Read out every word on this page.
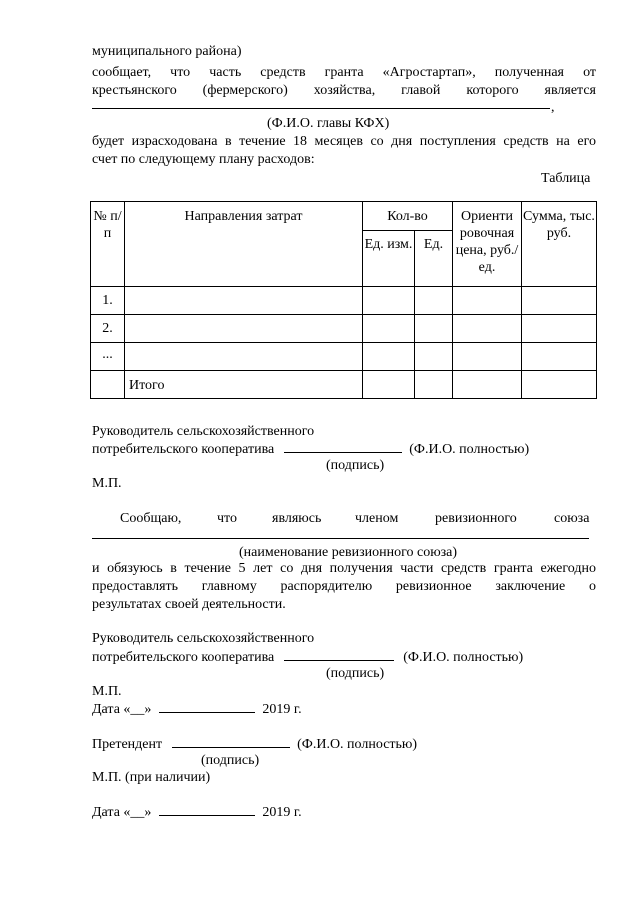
муниципального района)
сообщает, что часть средств гранта «Агростартап», полученная от
крестьянского (фермерского) хозяйства, главой которого является
,
(Ф.И.О. главы КФХ)
будет израсходована в течение 18 месяцев со дня поступления средств на его
счет по следующему плану расходов:
Таблица
№ п/п	Направления затрат	Кол-во		Ориенти ровочная цена, руб./ед.	Сумма, тыс. руб.
		Ед. изм.	Ед.		
1.					
2.					
...					
	Итого				
Руководитель сельскохозяйственного
потребительского кооператива	(Ф.И.О. полностью)
(подпись)
М.П.
Сообщаю,	что	являюсь членом	ревизионного	союза
(наименование ревизионного союза)
и обязуюсь в течение 5 лет со дня получения части средств гранта ежегодно
предоставлять главному распорядителю ревизионное заключение о
результатах своей деятельности.
Руководитель сельскохозяйственного
потребительского кооператива	(Ф.И.О. полностью)
(подпись)
М.П.
Дата «__»	2019 г.
Претендент	(Ф.И.О. полностью)
(подпись)
М.П. (при наличии)
Дата «__»	2019 г.
